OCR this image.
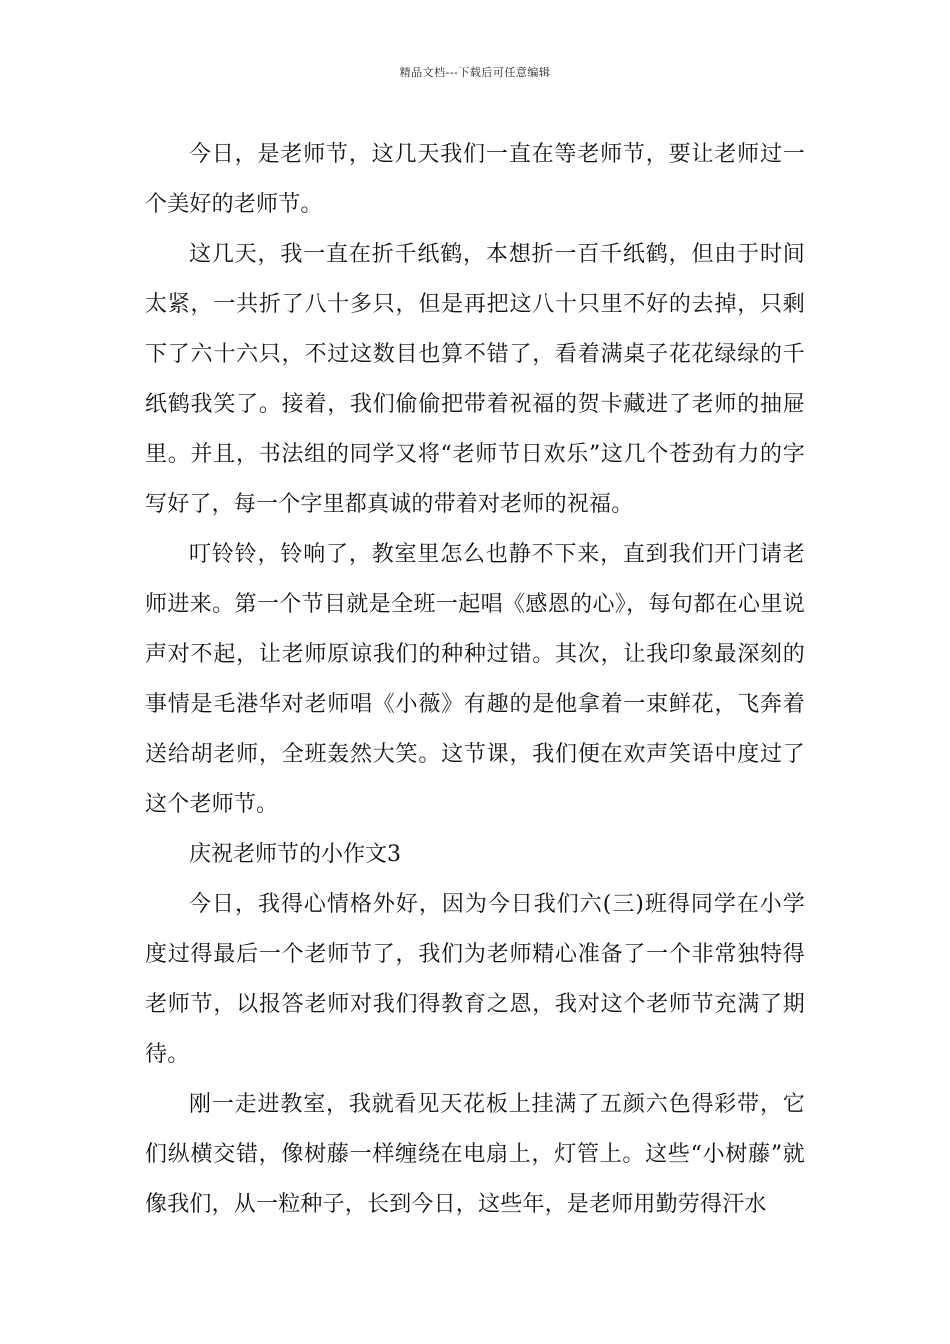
精品文档---下载后可任意编辑

今日，是老师节，这几天我们一直在等老师节，要让老师过一个美好的老师节。

这几天，我一直在折千纸鹤，本想折一百千纸鹤，但由于时间太紧，一共折了八十多只，但是再把这八十只里不好的去掉，只剩下了六十六只，不过这数目也算不错了，看着满桌子花花绿绿的千纸鹤我笑了。接着，我们偷偷把带着祝福的贺卡藏进了老师的抽屉里。并且，书法组的同学又将“老师节日欢乐”这几个苍劲有力的字写好了，每一个字里都真诚的带着对老师的祝福。

叮铃铃，铃响了，教室里怎么也静不下来，直到我们开门请老师进来。第一个节目就是全班一起唱《感恩的心》，每句都在心里说声对不起，让老师原谅我们的种种过错。其次，让我印象最深刻的事情是毛港华对老师唱《小薇》有趣的是他拿着一束鲜花，飞奔着送给胡老师，全班轰然大笑。这节课，我们便在欢声笑语中度过了这个老师节。

庆祝老师节的小作文3

今日，我得心情格外好，因为今日我们六(三)班得同学在小学度过得最后一个老师节了，我们为老师精心准备了一个非常独特得老师节，以报答老师对我们得教育之恩，我对这个老师节充满了期待。

刚一走进教室，我就看见天花板上挂满了五颜六色得彩带，它们纵横交错，像树藤一样缠绕在电扇上，灯管上。这些“小树藤”就像我们，从一粒种子，长到今日，这些年，是老师用勤劳得汗水
